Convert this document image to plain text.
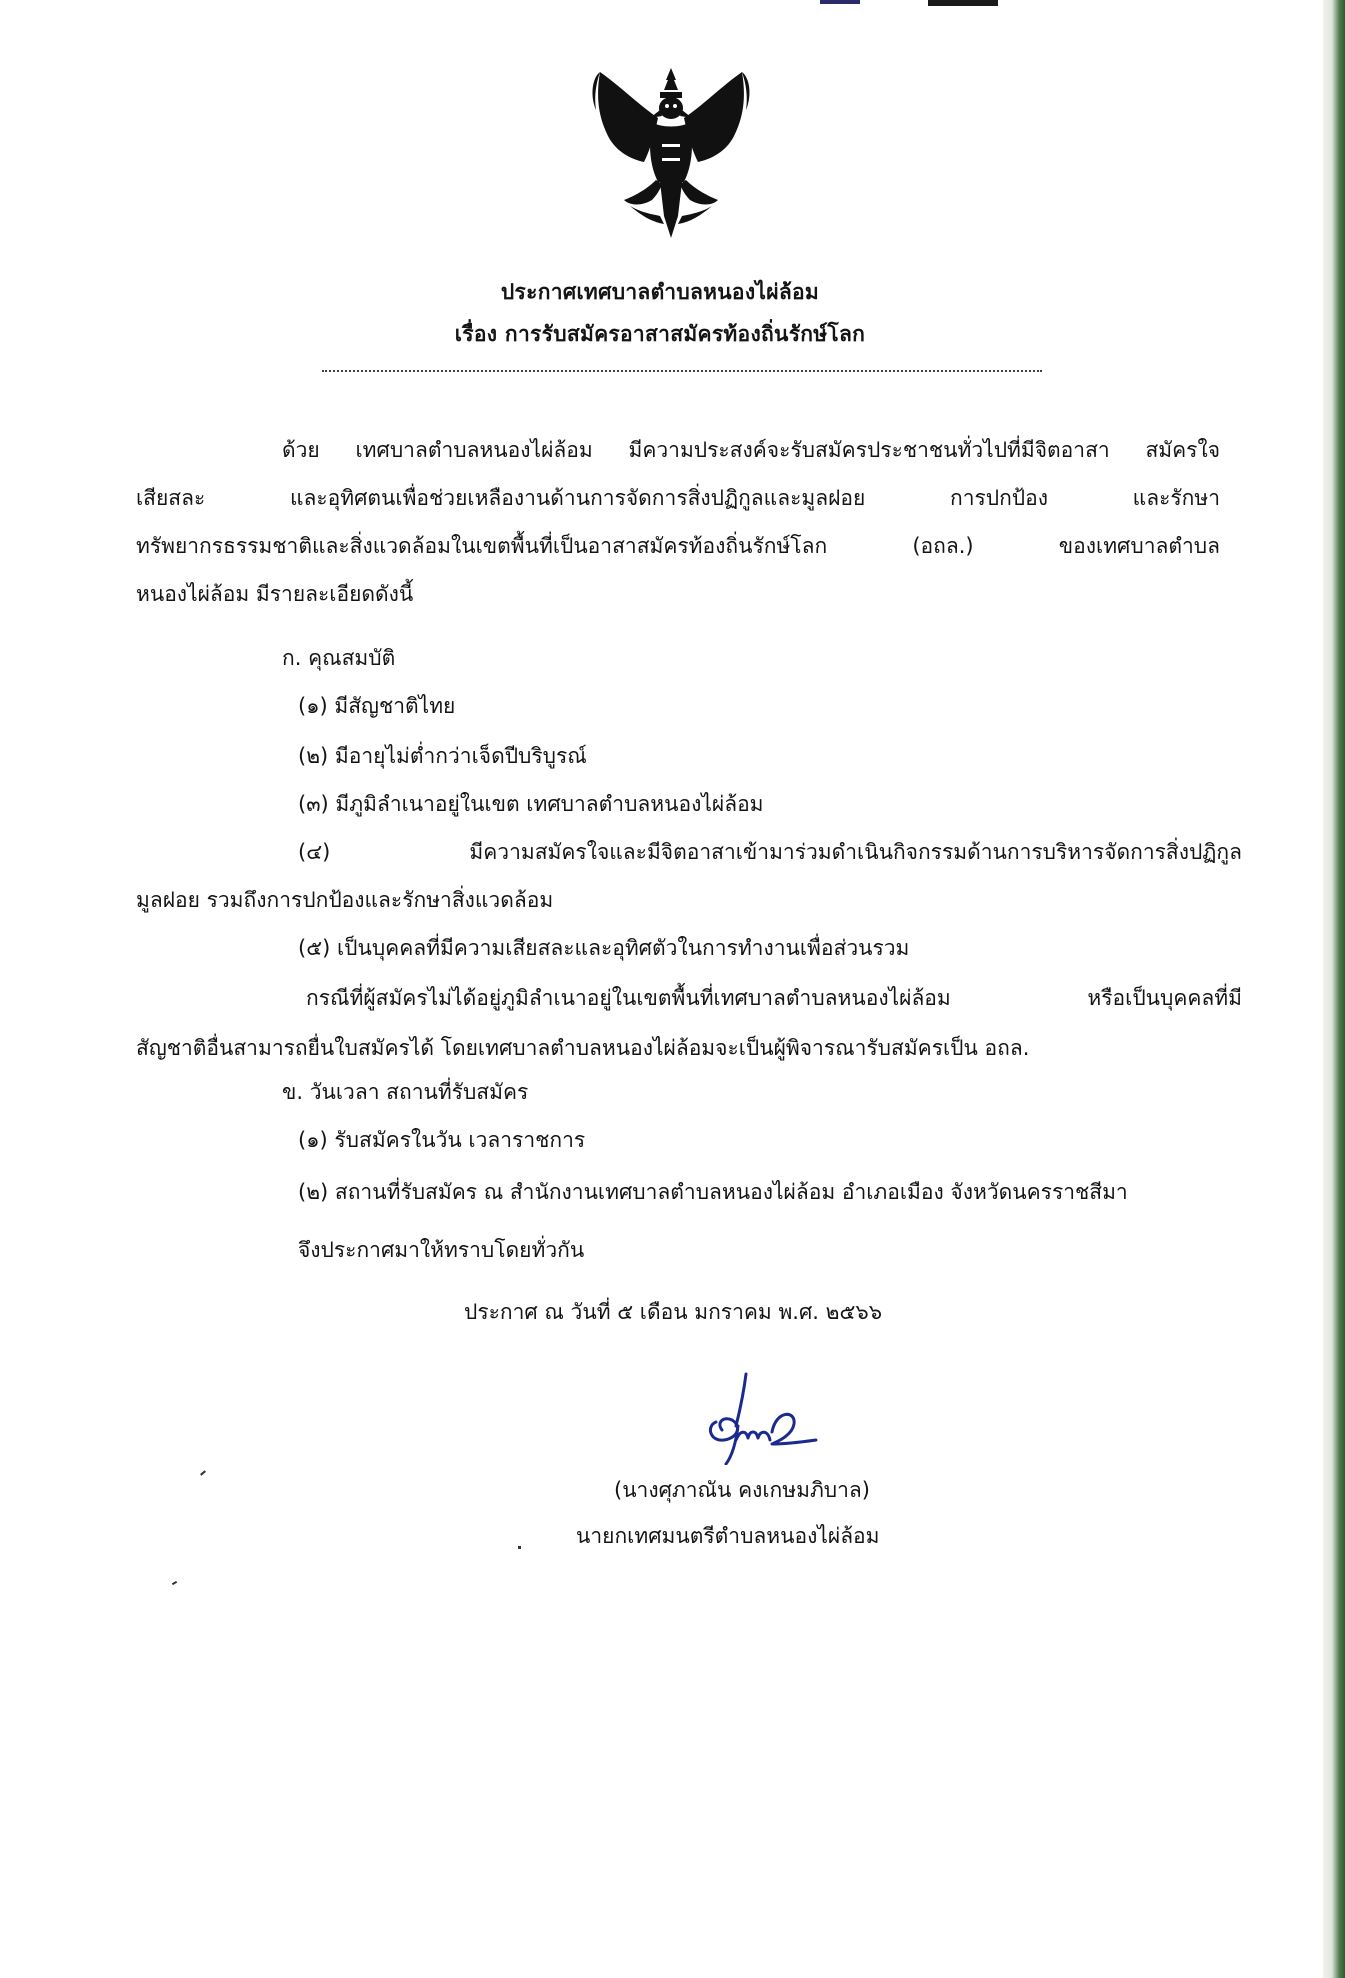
ประกาศเทศบาลตำบลหนองไผ่ล้อม
เรื่อง การรับสมัครอาสาสมัครท้องถิ่นรักษ์โลก
ด้วย เทศบาลตำบลหนองไผ่ล้อม มีความประสงค์จะรับสมัครประชาชนทั่วไปที่มีจิตอาสา สมัครใจ
เสียสละ และอุทิศตนเพื่อช่วยเหลืองานด้านการจัดการสิ่งปฏิกูลและมูลฝอย การปกป้อง และรักษา
ทรัพยากรธรรมชาติและสิ่งแวดล้อมในเขตพื้นที่เป็นอาสาสมัครท้องถิ่นรักษ์โลก (อถล.) ของเทศบาลตำบล
หนองไผ่ล้อม มีรายละเอียดดังนี้
ก. คุณสมบัติ
(๑) มีสัญชาติไทย
(๒) มีอายุไม่ต่ำกว่าเจ็ดปีบริบูรณ์
(๓) มีภูมิลำเนาอยู่ในเขต เทศบาลตำบลหนองไผ่ล้อม
(๔) มีความสมัครใจและมีจิตอาสาเข้ามาร่วมดำเนินกิจกรรมด้านการบริหารจัดการสิ่งปฏิกูล
มูลฝอย รวมถึงการปกป้องและรักษาสิ่งแวดล้อม
(๕) เป็นบุคคลที่มีความเสียสละและอุทิศตัวในการทำงานเพื่อส่วนรวม
กรณีที่ผู้สมัครไม่ได้อยู่ภูมิลำเนาอยู่ในเขตพื้นที่เทศบาลตำบลหนองไผ่ล้อม หรือเป็นบุคคลที่มี
สัญชาติอื่นสามารถยื่นใบสมัครได้ โดยเทศบาลตำบลหนองไผ่ล้อมจะเป็นผู้พิจารณารับสมัครเป็น อถล.
ข. วันเวลา สถานที่รับสมัคร
(๑) รับสมัครในวัน เวลาราชการ
(๒) สถานที่รับสมัคร ณ สำนักงานเทศบาลตำบลหนองไผ่ล้อม อำเภอเมือง จังหวัดนครราชสีมา
จึงประกาศมาให้ทราบโดยทั่วกัน
ประกาศ ณ วันที่ ๕ เดือน มกราคม พ.ศ. ๒๕๖๖
(นางศุภาณัน คงเกษมภิบาล)
นายกเทศมนตรีตำบลหนองไผ่ล้อม
